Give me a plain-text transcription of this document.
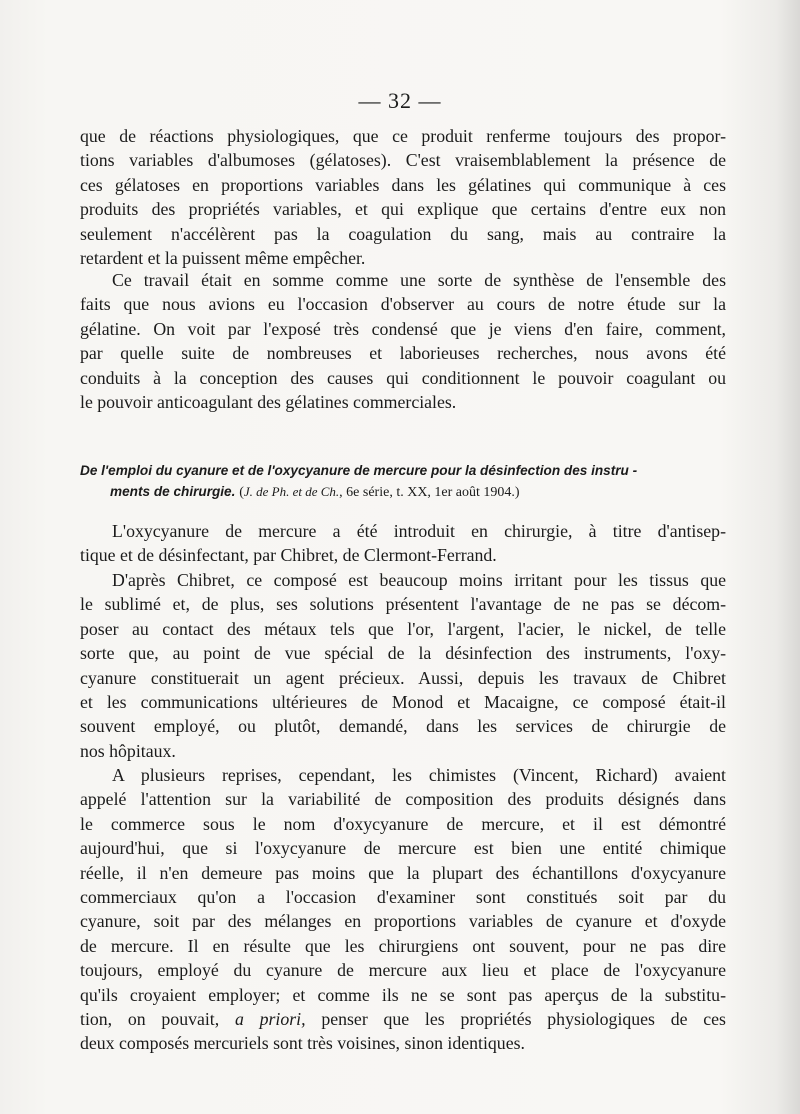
— 32 —
que de réactions physiologiques, que ce produit renferme toujours des propor-
tions variables d'albumoses (gélatoses). C'est vraisemblablement la présence de
ces gélatoses en proportions variables dans les gélatines qui communique à ces
produits des propriétés variables, et qui explique que certains d'entre eux non
seulement n'accélèrent pas la coagulation du sang, mais au contraire la
retardent et la puissent même empêcher.
Ce travail était en somme comme une sorte de synthèse de l'ensemble des
faits que nous avions eu l'occasion d'observer au cours de notre étude sur la
gélatine. On voit par l'exposé très condensé que je viens d'en faire, comment,
par quelle suite de nombreuses et laborieuses recherches, nous avons été
conduits à la conception des causes qui conditionnent le pouvoir coagulant ou
le pouvoir anticoagulant des gélatines commerciales.
De l'emploi du cyanure et de l'oxycyanure de mercure pour la désinfection des instru -
ments de chirurgie. (J. de Ph. et de Ch., 6e série, t. XX, 1er août 1904.)
L'oxycyanure de mercure a été introduit en chirurgie, à titre d'antisep-
tique et de désinfectant, par Chibret, de Clermont-Ferrand.
D'après Chibret, ce composé est beaucoup moins irritant pour les tissus que
le sublimé et, de plus, ses solutions présentent l'avantage de ne pas se décom-
poser au contact des métaux tels que l'or, l'argent, l'acier, le nickel, de telle
sorte que, au point de vue spécial de la désinfection des instruments, l'oxy-
cyanure constituerait un agent précieux. Aussi, depuis les travaux de Chibret
et les communications ultérieures de Monod et Macaigne, ce composé était-il
souvent employé, ou plutôt, demandé, dans les services de chirurgie de
nos hôpitaux.
A plusieurs reprises, cependant, les chimistes (Vincent, Richard) avaient
appelé l'attention sur la variabilité de composition des produits désignés dans
le commerce sous le nom d'oxycyanure de mercure, et il est démontré
aujourd'hui, que si l'oxycyanure de mercure est bien une entité chimique
réelle, il n'en demeure pas moins que la plupart des échantillons d'oxycyanure
commerciaux qu'on a l'occasion d'examiner sont constitués soit par du
cyanure, soit par des mélanges en proportions variables de cyanure et d'oxyde
de mercure. Il en résulte que les chirurgiens ont souvent, pour ne pas dire
toujours, employé du cyanure de mercure aux lieu et place de l'oxycyanure
qu'ils croyaient employer; et comme ils ne se sont pas aperçus de la substitu-
tion, on pouvait, a priori, penser que les propriétés physiologiques de ces
deux composés mercuriels sont très voisines, sinon identiques.
